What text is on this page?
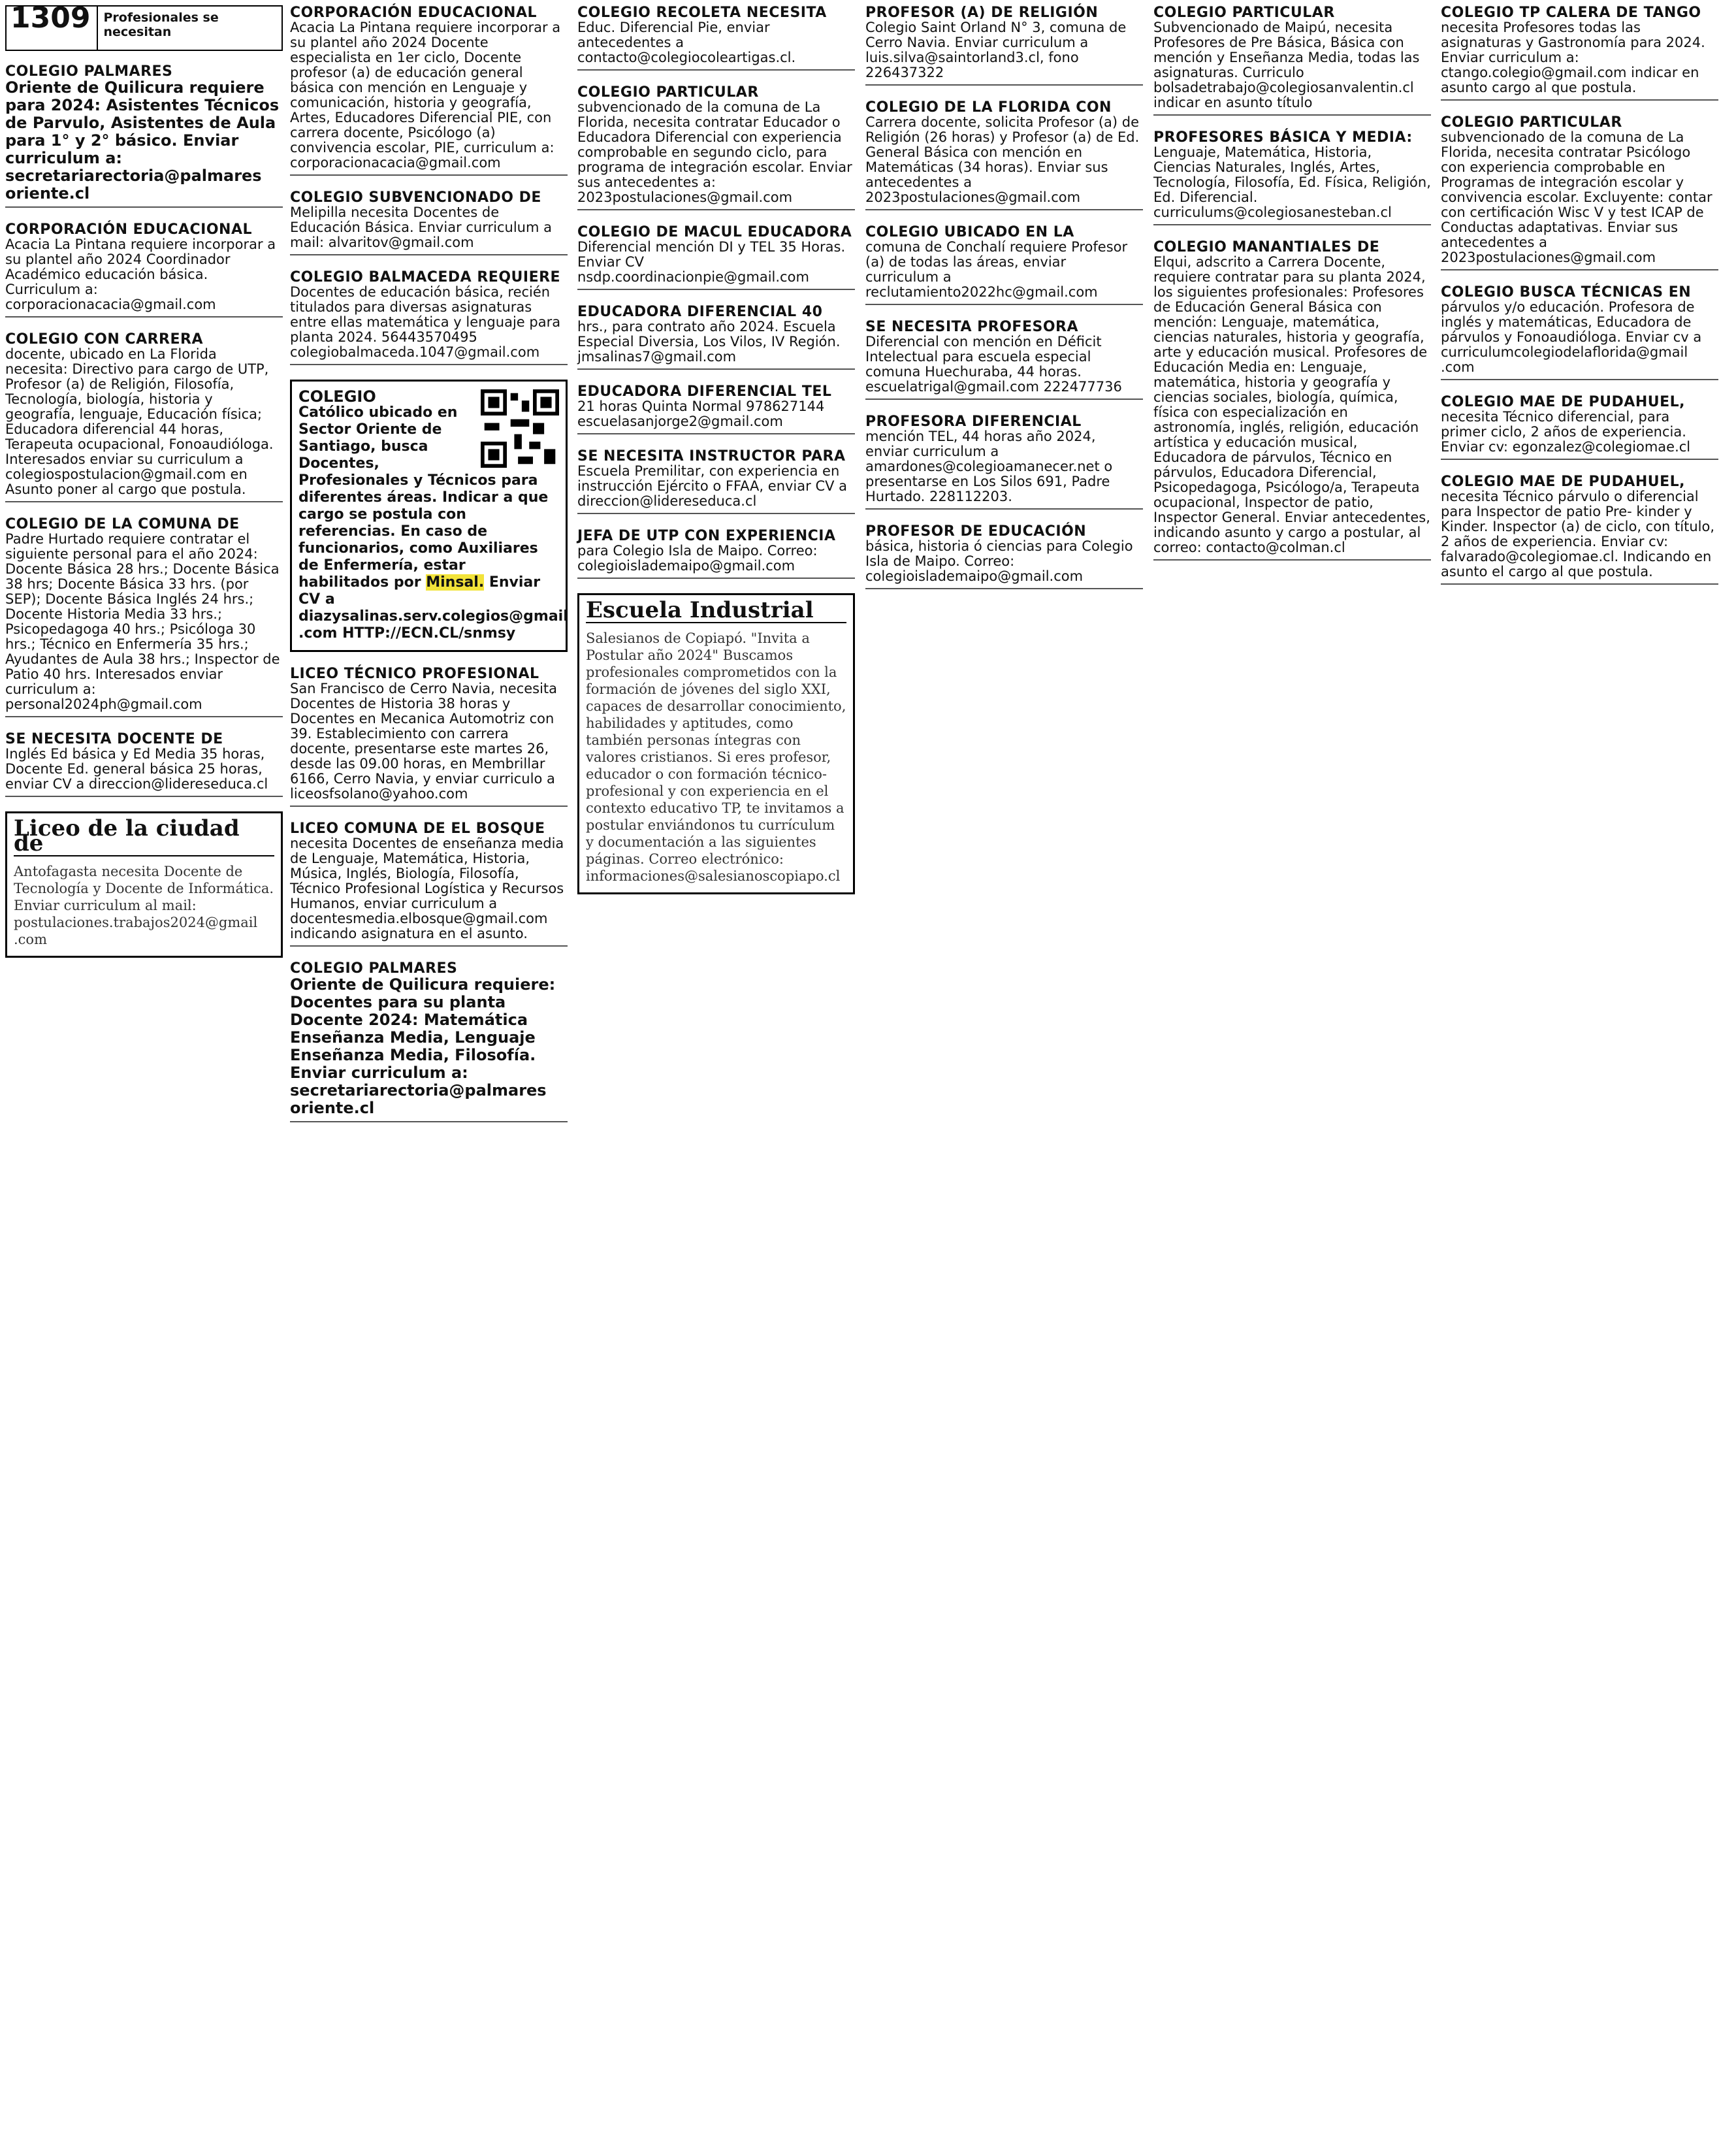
1309	Profesionales se necesitan

COLEGIO PALMARES

Oriente de Quilicura requiere para 2024: Asistentes Técnicos de Parvulo, Asistentes de Aula para 1° y 2° básico. Enviar curriculum a: secretariarectoria@palmares oriente.cl

CORPORACIÓN EDUCACIONAL

Acacia La Pintana requiere incorporar a su plantel año 2024 Coordinador Académico educación básica. Curriculum a: corporacionacacia@gmail.com

COLEGIO CON CARRERA

docente, ubicado en La Florida necesita: Directivo para cargo de UTP, Profesor (a) de Religión, Filosofía, Tecnología, biología, historia y geografía, lenguaje, Educación física; Educadora diferencial 44 horas, Terapeuta ocupacional, Fonoaudióloga. Interesados enviar su curriculum a colegiospostulacion@gmail.com en Asunto poner al cargo que postula.

COLEGIO DE LA COMUNA DE

Padre Hurtado requiere contratar el siguiente personal para el año 2024: Docente Básica 28 hrs.; Docente Básica 38 hrs; Docente Básica 33 hrs. (por SEP); Docente Básica Inglés 24 hrs.; Docente Historia Media 33 hrs.; Psicopedagoga 40 hrs.; Psicóloga 30 hrs.; Técnico en Enfermería 35 hrs.; Ayudantes de Aula 38 hrs.; Inspector de Patio 40 hrs. Interesados enviar curriculum a: personal2024ph@gmail.com

SE NECESITA DOCENTE DE

Inglés Ed básica y Ed Media 35 horas, Docente Ed. general básica 25 horas, enviar CV a direccion@lidereseduca.cl

Liceo de la ciudad de
Antofagasta necesita Docente de Tecnología y Docente de Informática. Enviar curriculum al mail: postulaciones.trabajos2024@gmail .com

CORPORACIÓN EDUCACIONAL

Acacia La Pintana requiere incorporar a su plantel año 2024 Docente especialista en 1er ciclo, Docente profesor (a) de educación general básica con mención en Lenguaje y comunicación, historia y geografía, Artes, Educadores Diferencial PIE, con carrera docente, Psicólogo (a) convivencia escolar, PIE, curriculum a: corporacionacacia@gmail.com

COLEGIO SUBVENCIONADO DE

Melipilla necesita Docentes de Educación Básica. Enviar curriculum a mail: alvaritov@gmail.com

COLEGIO BALMACEDA REQUIERE

Docentes de educación básica, recién titulados para diversas asignaturas entre ellas matemática y lenguaje para planta 2024. 56443570495 colegiobalmaceda.1047@gmail.com

COLEGIO
Católico ubicado en Sector Oriente de Santiago, busca Docentes, Profesionales y Técnicos para diferentes áreas. Indicar a que cargo se postula con referencias. En caso de funcionarios, como Auxiliares de Enfermería, estar habilitados por Minsal. Enviar CV a diazysalinas.serv.colegios@gmail .com HTTP://ECN.CL/snmsy

LICEO TÉCNICO PROFESIONAL

San Francisco de Cerro Navia, necesita Docentes de Historia 38 horas y Docentes en Mecanica Automotriz con 39. Establecimiento con carrera docente, presentarse este martes 26, desde las 09.00 horas, en Membrillar 6166, Cerro Navia, y enviar curriculo a liceosfsolano@yahoo.com

LICEO COMUNA DE EL BOSQUE

necesita Docentes de enseñanza media de Lenguaje, Matemática, Historia, Música, Inglés, Biología, Filosofía, Técnico Profesional Logística y Recursos Humanos, enviar curriculum a docentesmedia.elbosque@gmail.com indicando asignatura en el asunto.

COLEGIO PALMARES

Oriente de Quilicura requiere: Docentes para su planta Docente 2024: Matemática Enseñanza Media, Lenguaje Enseñanza Media, Filosofía. Enviar curriculum a: secretariarectoria@palmares oriente.cl

COLEGIO RECOLETA NECESITA

Educ. Diferencial Pie, enviar antecedentes a contacto@colegiocoleartigas.cl.

COLEGIO PARTICULAR

subvencionado de la comuna de La Florida, necesita contratar Educador o Educadora Diferencial con experiencia comprobable en segundo ciclo, para programa de integración escolar. Enviar sus antecedentes a: 2023postulaciones@gmail.com

COLEGIO DE MACUL EDUCADORA

Diferencial mención DI y TEL 35 Horas. Enviar CV nsdp.coordinacionpie@gmail.com

EDUCADORA DIFERENCIAL 40

hrs., para contrato año 2024. Escuela Especial Diversia, Los Vilos, IV Región. jmsalinas7@gmail.com

EDUCADORA DIFERENCIAL TEL

21 horas Quinta Normal 978627144 escuelasanjorge2@gmail.com

SE NECESITA INSTRUCTOR PARA

Escuela Premilitar, con experiencia en instrucción Ejército o FFAA, enviar CV a direccion@lidereseduca.cl

JEFA DE UTP CON EXPERIENCIA

para Colegio Isla de Maipo. Correo: colegioislademaipo@gmail.com

Escuela Industrial
Salesianos de Copiapó. "Invita a Postular año 2024" Buscamos profesionales comprometidos con la formación de jóvenes del siglo XXI, capaces de desarrollar conocimiento, habilidades y aptitudes, como también personas íntegras con valores cristianos. Si eres profesor, educador o con formación técnico-profesional y con experiencia en el contexto educativo TP, te invitamos a postular enviándonos tu currículum y documentación a las siguientes páginas. Correo electrónico: informaciones@salesianoscopiapo.cl

PROFESOR (A) DE RELIGIÓN

Colegio Saint Orland N° 3, comuna de Cerro Navia. Enviar curriculum a luis.silva@saintorland3.cl, fono 226437322

COLEGIO DE LA FLORIDA CON

Carrera docente, solicita Profesor (a) de Religión (26 horas) y Profesor (a) de Ed. General Básica con mención en Matemáticas (34 horas). Enviar sus antecedentes a 2023postulaciones@gmail.com

COLEGIO UBICADO EN LA

comuna de Conchalí requiere Profesor (a) de todas las áreas, enviar curriculum a reclutamiento2022hc@gmail.com

SE NECESITA PROFESORA

Diferencial con mención en Déficit Intelectual para escuela especial comuna Huechuraba, 44 horas. escuelatrigal@gmail.com 222477736

PROFESORA DIFERENCIAL

mención TEL, 44 horas año 2024, enviar curriculum a amardones@colegioamanecer.net o presentarse en Los Silos 691, Padre Hurtado. 228112203.

PROFESOR DE EDUCACIÓN

básica, historia ó ciencias para Colegio Isla de Maipo. Correo: colegioislademaipo@gmail.com

COLEGIO PARTICULAR

Subvencionado de Maipú, necesita Profesores de Pre Básica, Básica con mención y Enseñanza Media, todas las asignaturas. Curriculo bolsadetrabajo@colegiosanvalentin.cl indicar en asunto título

PROFESORES BÁSICA Y MEDIA:

Lenguaje, Matemática, Historia, Ciencias Naturales, Inglés, Artes, Tecnología, Filosofía, Ed. Física, Religión, Ed. Diferencial. curriculums@colegiosanesteban.cl

COLEGIO MANANTIALES DE

Elqui, adscrito a Carrera Docente, requiere contratar para su planta 2024, los siguientes profesionales: Profesores de Educación General Básica con mención: Lenguaje, matemática, ciencias naturales, historia y geografía, arte y educación musical. Profesores de Educación Media en: Lenguaje, matemática, historia y geografía y ciencias sociales, biología, química, física con especialización en astronomía, inglés, religión, educación artística y educación musical, Educadora de párvulos, Técnico en párvulos, Educadora Diferencial, Psicopedagoga, Psicólogo/a, Terapeuta ocupacional, Inspector de patio, Inspector General. Enviar antecedentes, indicando asunto y cargo a postular, al correo: contacto@colman.cl

COLEGIO TP CALERA DE TANGO

necesita Profesores todas las asignaturas y Gastronomía para 2024. Enviar curriculum a: ctango.colegio@gmail.com indicar en asunto cargo al que postula.

COLEGIO PARTICULAR

subvencionado de la comuna de La Florida, necesita contratar Psicólogo con experiencia comprobable en Programas de integración escolar y convivencia escolar. Excluyente: contar con certificación Wisc V y test ICAP de Conductas adaptativas. Enviar sus antecedentes a 2023postulaciones@gmail.com

COLEGIO BUSCA TÉCNICAS EN

párvulos y/o educación. Profesora de inglés y matemáticas, Educadora de párvulos y Fonoaudióloga. Enviar cv a curriculumcolegiodelaflorida@gmail .com

COLEGIO MAE DE PUDAHUEL,

necesita Técnico diferencial, para primer ciclo, 2 años de experiencia. Enviar cv: egonzalez@colegiomae.cl

COLEGIO MAE DE PUDAHUEL,

necesita Técnico párvulo o diferencial para Inspector de patio Pre- kinder y Kinder. Inspector (a) de ciclo, con título, 2 años de experiencia. Enviar cv: falvarado@colegiomae.cl. Indicando en asunto el cargo al que postula.
